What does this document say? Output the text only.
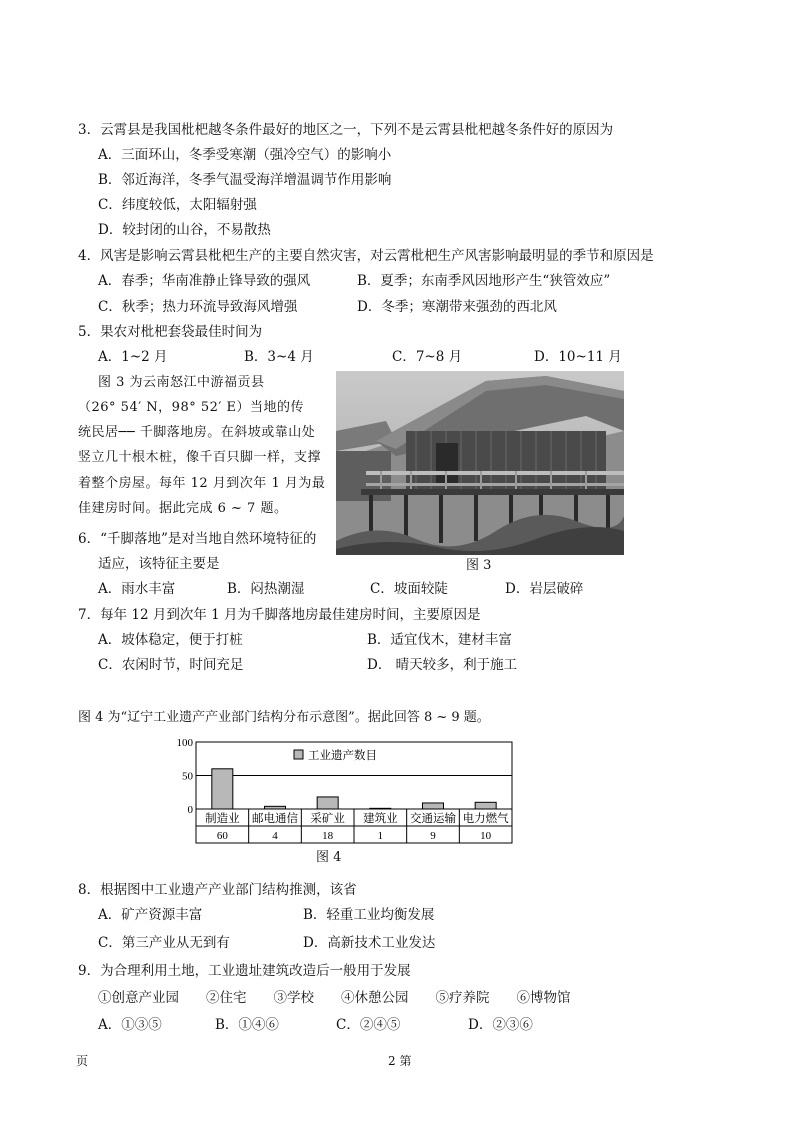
3．云霄县是我国枇杷越冬条件最好的地区之一，下列不是云霄县枇杷越冬条件好的原因为
A．三面环山，冬季受寒潮（强冷空气）的影响小
B．邻近海洋，冬季气温受海洋增温调节作用影响
C．纬度较低，太阳辐射强
D．较封闭的山谷，不易散热
4．风害是影响云霄县枇杷生产的主要自然灾害，对云霄枇杷生产风害影响最明显的季节和原因是
A．春季；华南准静止锋导致的强风	B．夏季；东南季风因地形产生“狭管效应”
C．秋季；热力环流导致海风增强	D．冬季；寒潮带来强劲的西北风
5．果农对枇杷套袋最佳时间为
A．1~2 月	B．3~4 月	C．7~8 月	D．10~11 月
图 3 为云南怒江中游福贡县
（26° 54′ N，98° 52′ E）当地的传
统民居── 千脚落地房。在斜坡或靠山处
竖立几十根木桩，像千百只脚一样，支撑
着整个房屋。每年 12 月到次年 1 月为最
佳建房时间。据此完成 6 ~ 7 题。
图 3
6．“千脚落地”是对当地自然环境特征的
适应，该特征主要是
A．雨水丰富	B．闷热潮湿	C．坡面较陡	D．岩层破碎
7．每年 12 月到次年 1 月为千脚落地房最佳建房时间，主要原因是
A．坡体稳定，便于打桩	B．适宜伐木，建材丰富
C．农闲时节，时间充足	D． 晴天较多，利于施工
图 4 为“辽宁工业遗产产业部门结构分布示意图”。据此回答 8 ~ 9 题。
100
50
0
制造业
60
邮电通信
4
采矿业
18
建筑业
1
交通运输
9
电力燃气
10
工业遗产数目
图 4
8．根据图中工业遗产产业部门结构推测，该省
A．矿产资源丰富	B．轻重工业均衡发展
C．第三产业从无到有	D．高新技术工业发达
9．为合理利用土地，工业遗址建筑改造后一般用于发展
①创意产业园　　②住宅　　③学校　　④休憩公园　　⑤疗养院　　⑥博物馆
A．①③⑤	B．①④⑥	C．②④⑤	D．②③⑥
页	2 第
